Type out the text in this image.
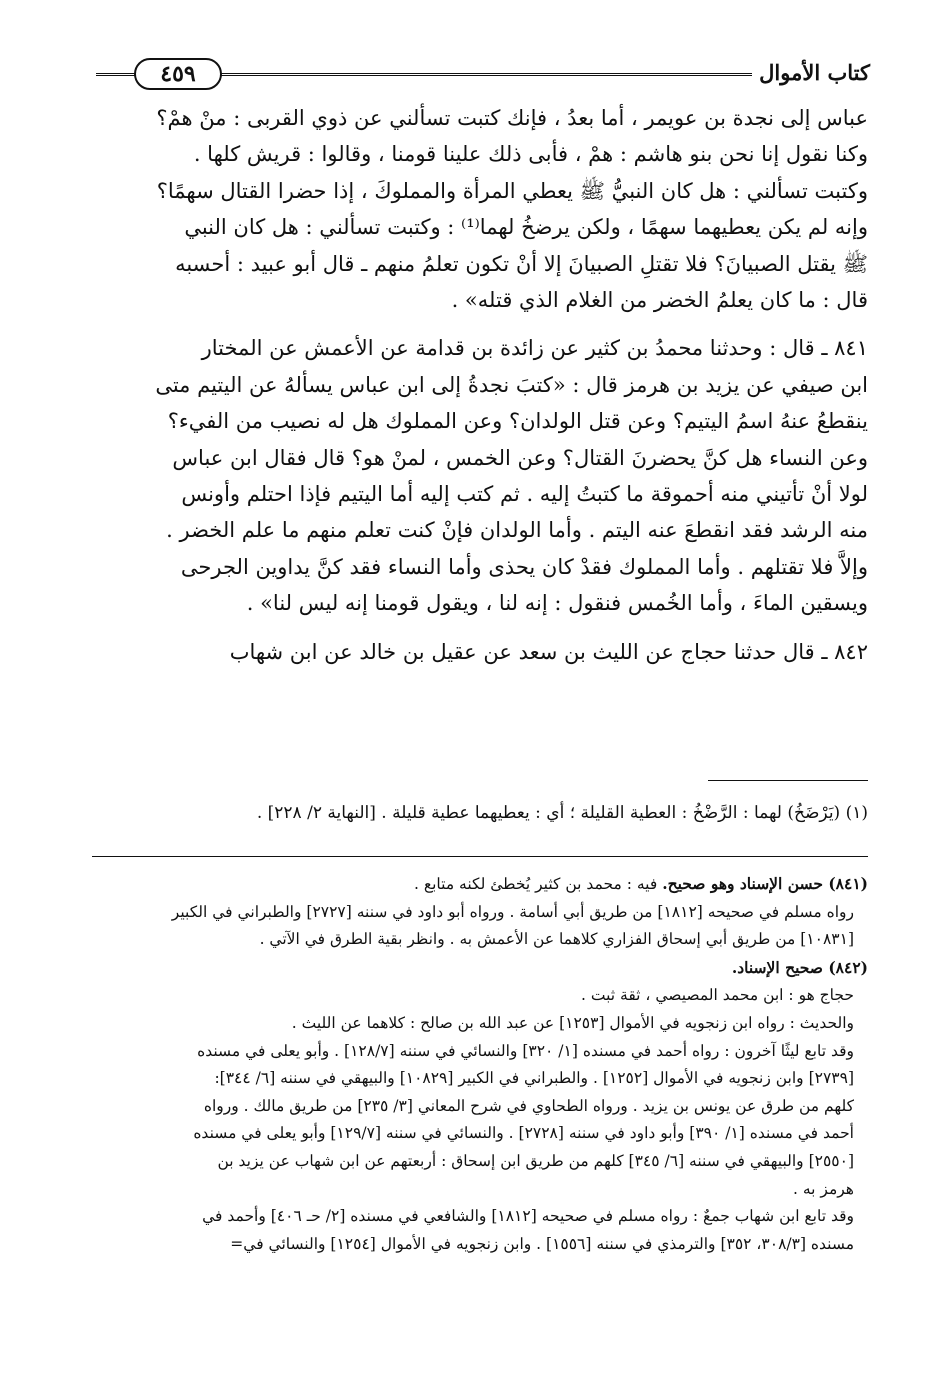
كتاب الأموال
٤٥٩
عباس إلى نجدة بن عويمر ، أما بعدُ ، فإنك كتبت تسألني عن ذوي القربى : منْ همْ؟
وكنا نقول إنا نحن بنو هاشم : همْ ، فأبى ذلك علينا قومنا ، وقالوا : قريش كلها .
وكتبت تسألني : هل كان النبيُّ ﷺ يعطي المرأة والمملوكَ ، إذا حضرا القتال سهمًا؟
وإنه لم يكن يعطيهما سهمًا ، ولكن يرضخُ لهما⁽¹⁾ : وكتبت تسألني : هل كان النبي
ﷺ يقتل الصبيانَ؟ فلا تقتلِ الصبيانَ إلا أنْ تكون تعلمُ منهم ـ قال أبو عبيد : أحسبه
قال : ما كان يعلمُ الخضر من الغلام الذي قتله» .
٨٤١ ـ قال : وحدثنا محمدُ بن كثير عن زائدة بن قدامة عن الأعمش عن المختار
ابن صيفي عن يزيد بن هرمز قال : «كتبَ نجدةُ إلى ابن عباس يسألهُ عن اليتيم متى
ينقطعُ عنهُ اسمُ اليتيم؟ وعن قتل الولدان؟ وعن المملوك هل له نصيب من الفيء؟
وعن النساء هل كنَّ يحضرنَ القتال؟ وعن الخمس ، لمنْ هو؟ قال فقال ابن عباس
لولا أنْ تأتيني منه أحموقة ما كتبتُ إليه . ثم كتب إليه أما اليتيم فإذا احتلم وأونس
منه الرشد فقد انقطعَ عنه اليتم . وأما الولدان فإنْ كنت تعلم منهم ما علم الخضر .
وإلاَّ فلا تقتلهم . وأما المملوك فقدْ كان يحذى وأما النساء فقد كنَّ يداوين الجرحى
ويسقين الماءَ ، وأما الخُمس فنقول : إنه لنا ، ويقول قومنا إنه ليس لنا» .
٨٤٢ ـ قال حدثنا حجاج عن الليث بن سعد عن عقيل بن خالد عن ابن شهاب
(١) (يَرْضَخُ) لهما : الرَّضْخُ : العطية القليلة ؛ أي : يعطيهما عطية قليلة . [النهاية ٢/ ٢٢٨] .
(٨٤١) حسن الإسناد وهو صحيح. فيه : محمد بن كثير يُخطئ لكنه متابع .
رواه مسلم في صحيحه [١٨١٢] من طريق أبي أسامة . ورواه أبو داود في سننه [٢٧٢٧] والطبراني في الكبير
[١٠٨٣١] من طريق أبي إسحاق الفزاري كلاهما عن الأعمش به . وانظر بقية الطرق في الآتي .
(٨٤٢) صحيح الإسناد.
حجاج هو : ابن محمد المصيصي ، ثقة ثبت .
والحديث : رواه ابن زنجويه في الأموال [١٢٥٣] عن عبد الله بن صالح : كلاهما عن الليث .
وقد تابع ليثًا آخرون : رواه أحمد في مسنده [١/ ٣٢٠] والنسائي في سننه [١٢٨/٧] . وأبو يعلى في مسنده
[٢٧٣٩] وابن زنجويه في الأموال [١٢٥٢] . والطبراني في الكبير [١٠٨٢٩] والبيهقي في سننه [٦/ ٣٤٤]:
كلهم من طرق عن يونس بن يزيد . ورواه الطحاوي في شرح المعاني [٣/ ٢٣٥] من طريق مالك . ورواه
أحمد في مسنده [١/ ٣٩٠] وأبو داود في سننه [٢٧٢٨] . والنسائي في سننه [١٢٩/٧] وأبو يعلى في مسنده
[٢٥٥٠] والبيهقي في سننه [٦/ ٣٤٥] كلهم من طريق ابن إسحاق : أربعتهم عن ابن شهاب عن يزيد بن
هرمز به .
وقد تابع ابن شهاب جمعٌ : رواه مسلم في صحيحه [١٨١٢] والشافعي في مسنده [٢/ حـ ٤٠٦] وأحمد في
مسنده [٣٠٨/٣، ٣٥٢] والترمذي في سننه [١٥٥٦] . وابن زنجويه في الأموال [١٢٥٤] والنسائي في=
